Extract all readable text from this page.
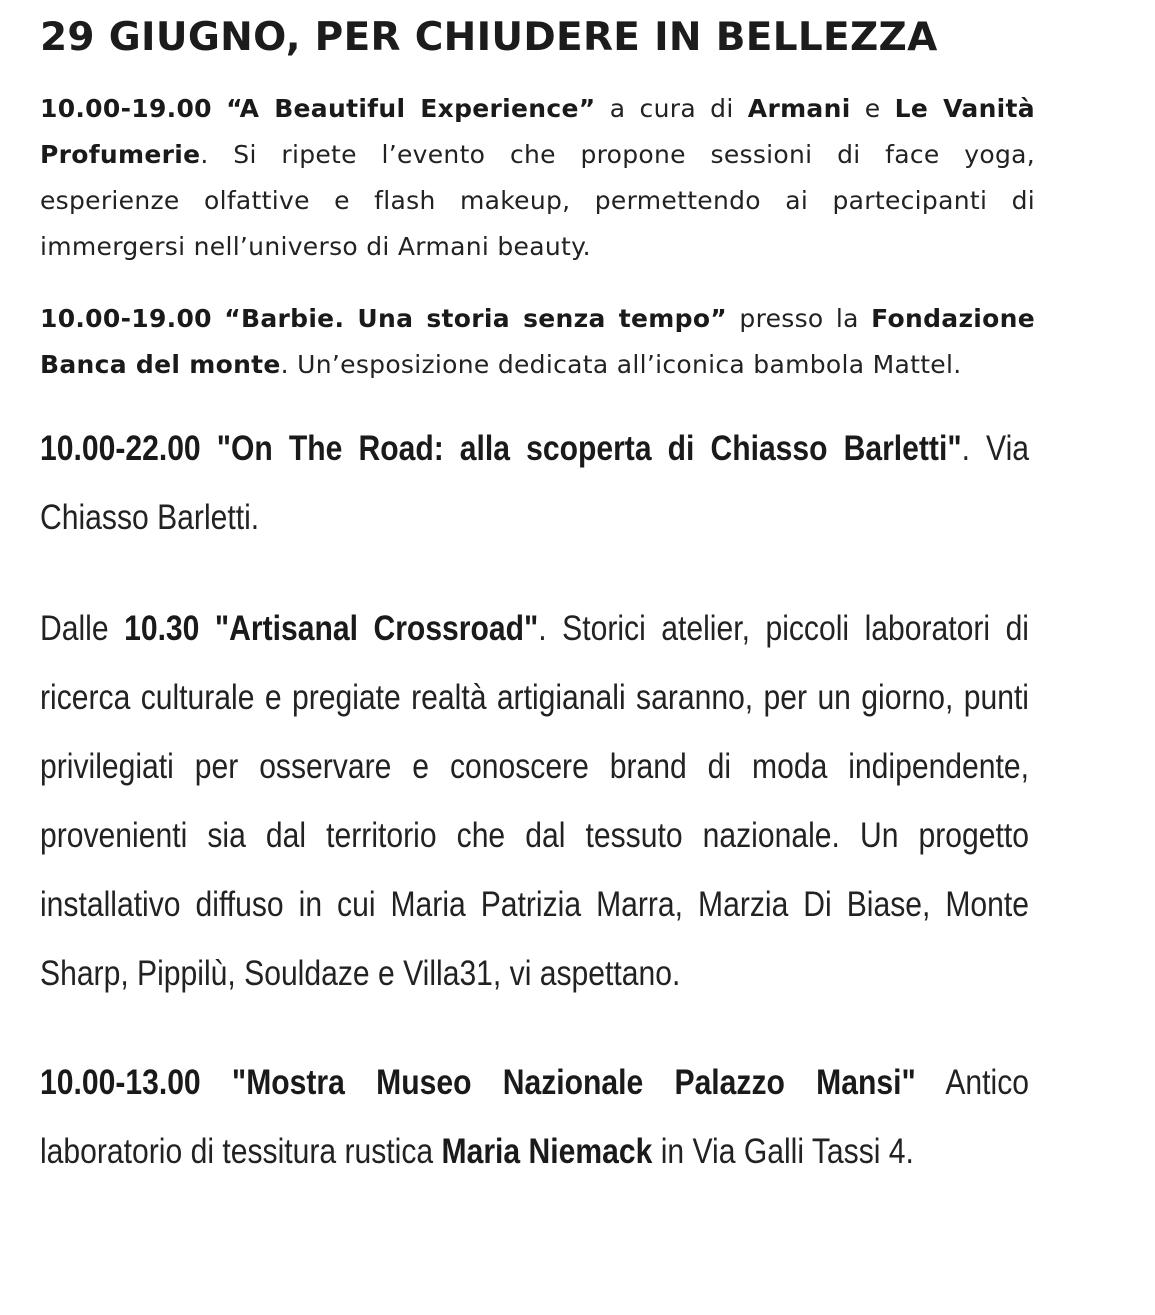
29 GIUGNO, PER CHIUDERE IN BELLEZZA

10.00-19.00 “A Beautiful Experience” a cura di Armani e Le Vanità Profumerie. Si ripete l’evento che propone sessioni di face yoga, esperienze olfattive e flash makeup, permettendo ai partecipanti di immergersi nell’universo di Armani beauty.

10.00-19.00 “Barbie. Una storia senza tempo” presso la Fondazione Banca del monte. Un’esposizione dedicata all’iconica bambola Mattel.

10.00-22.00 "On The Road: alla scoperta di Chiasso Barletti". Via Chiasso Barletti.

Dalle 10.30 "Artisanal Crossroad". Storici atelier, piccoli laboratori di ricerca culturale e pregiate realtà artigianali saranno, per un giorno, punti privilegiati per osservare e conoscere brand di moda indipendente, provenienti sia dal territorio che dal tessuto nazionale. Un progetto installativo diffuso in cui Maria Patrizia Marra, Marzia Di Biase, Monte Sharp, Pippilù, Souldaze e Villa31, vi aspettano.

10.00-13.00 "Mostra Museo Nazionale Palazzo Mansi" Antico laboratorio di tessitura rustica Maria Niemack in Via Galli Tassi 4.
